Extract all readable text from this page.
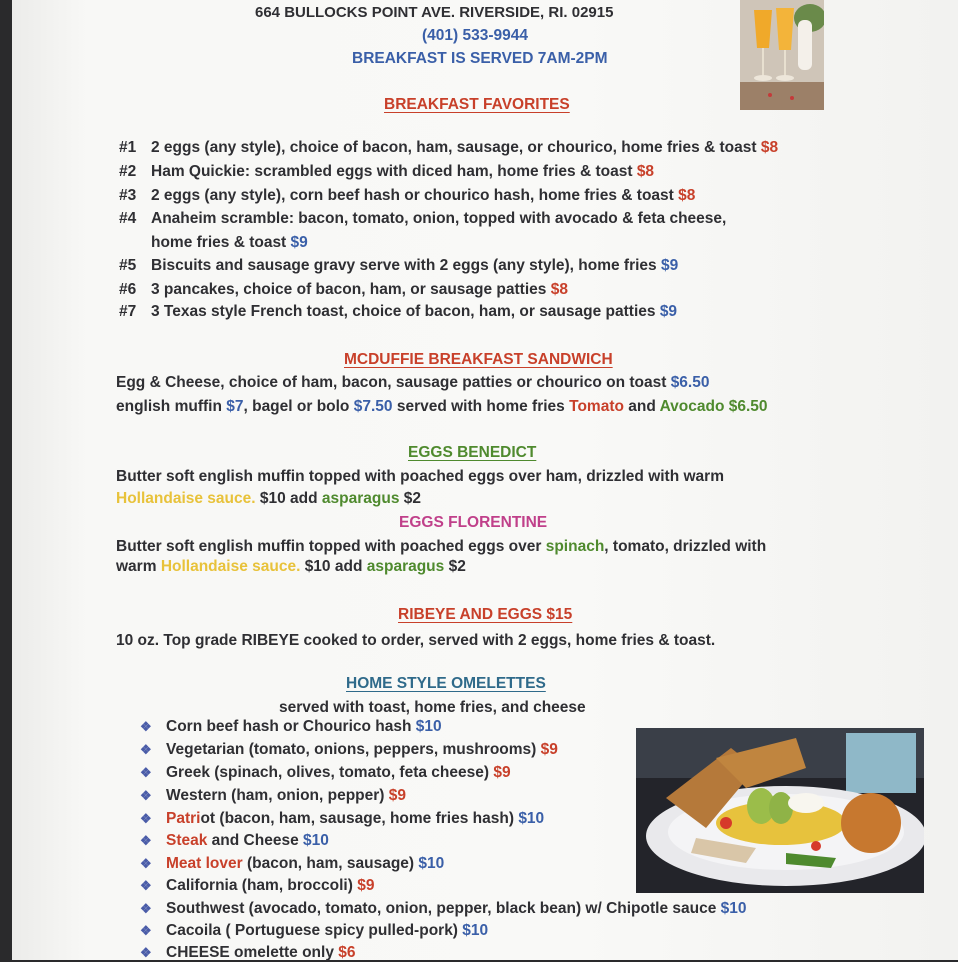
664 BULLOCKS POINT AVE. RIVERSIDE, RI. 02915
(401) 533-9944
BREAKFAST IS SERVED 7AM-2PM
BREAKFAST FAVORITES
#1 2 eggs (any style), choice of bacon, ham, sausage, or chourico, home fries & toast $8
#2 Ham Quickie: scrambled eggs with diced ham, home fries & toast $8
#3 2 eggs (any style), corn beef hash or chourico hash, home fries & toast $8
#4 Anaheim scramble: bacon, tomato, onion, topped with avocado & feta cheese,
home fries & toast $9
#5 Biscuits and sausage gravy serve with 2 eggs (any style), home fries $9
#6 3 pancakes, choice of bacon, ham, or sausage patties $8
#7 3 Texas style French toast, choice of bacon, ham, or sausage patties $9
MCDUFFIE BREAKFAST SANDWICH
Egg & Cheese, choice of ham, bacon, sausage patties or chourico on toast $6.50
english muffin $7, bagel or bolo $7.50 served with home fries Tomato and Avocado $6.50
EGGS BENEDICT
Butter soft english muffin topped with poached eggs over ham, drizzled with warm
Hollandaise sauce. $10 add asparagus $2
EGGS FLORENTINE
Butter soft english muffin topped with poached eggs over spinach, tomato, drizzled with
warm Hollandaise sauce. $10 add asparagus $2
RIBEYE AND EGGS $15
10 oz. Top grade RIBEYE cooked to order, served with 2 eggs, home fries & toast.
HOME STYLE OMELETTES
served with toast, home fries, and cheese
❖ Corn beef hash or Chourico hash $10
❖ Vegetarian (tomato, onions, peppers, mushrooms) $9
❖ Greek (spinach, olives, tomato, feta cheese) $9
❖ Western (ham, onion, pepper) $9
❖ Patriot (bacon, ham, sausage, home fries hash) $10
❖ Steak and Cheese $10
❖ Meat lover (bacon, ham, sausage) $10
❖ California (ham, broccoli) $9
❖ Southwest (avocado, tomato, onion, pepper, black bean) w/ Chipotle sauce $10
❖ Cacoila ( Portuguese spicy pulled-pork) $10
❖ CHEESE omelette only $6
